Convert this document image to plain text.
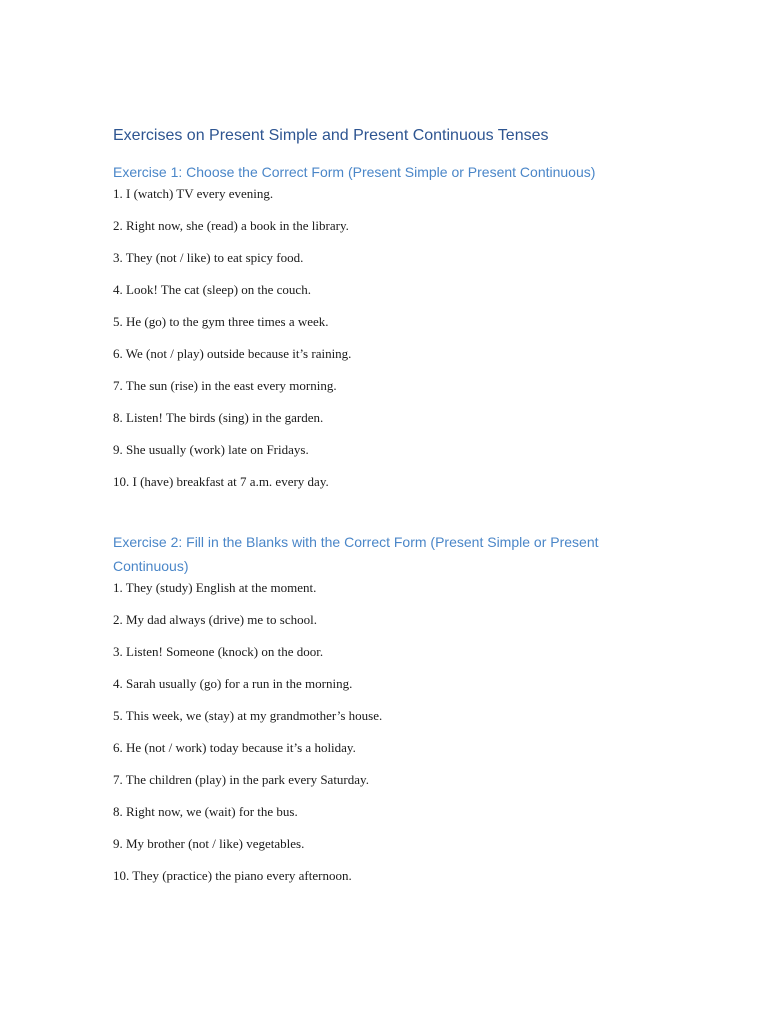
Exercises on Present Simple and Present Continuous Tenses
Exercise 1: Choose the Correct Form (Present Simple or Present Continuous)
1. I (watch) TV every evening.
2. Right now, she (read) a book in the library.
3. They (not / like) to eat spicy food.
4. Look! The cat (sleep) on the couch.
5. He (go) to the gym three times a week.
6. We (not / play) outside because it’s raining.
7. The sun (rise) in the east every morning.
8. Listen! The birds (sing) in the garden.
9. She usually (work) late on Fridays.
10. I (have) breakfast at 7 a.m. every day.
Exercise 2: Fill in the Blanks with the Correct Form (Present Simple or Present Continuous)
1. They (study) English at the moment.
2. My dad always (drive) me to school.
3. Listen! Someone (knock) on the door.
4. Sarah usually (go) for a run in the morning.
5. This week, we (stay) at my grandmother’s house.
6. He (not / work) today because it’s a holiday.
7. The children (play) in the park every Saturday.
8. Right now, we (wait) for the bus.
9. My brother (not / like) vegetables.
10. They (practice) the piano every afternoon.
